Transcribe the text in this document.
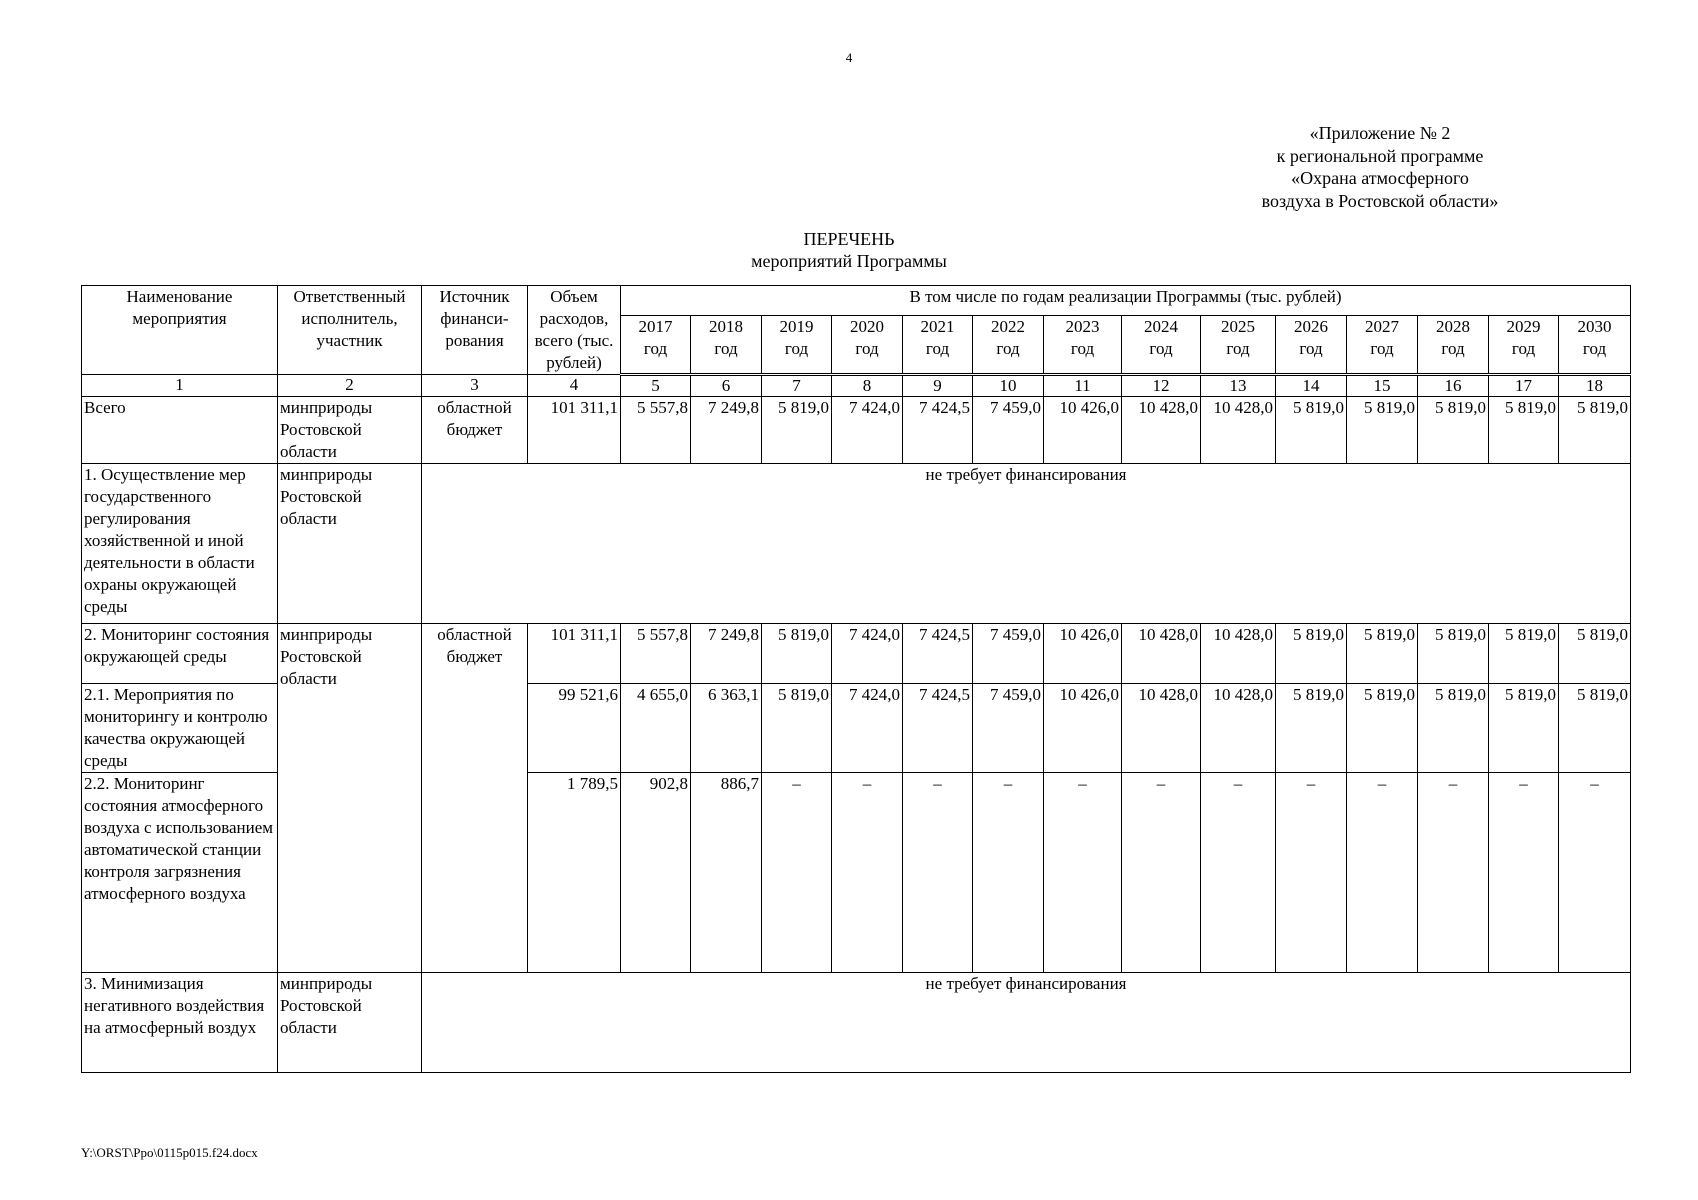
4
«Приложение № 2
к региональной программе
«Охрана атмосферного
воздуха в Ростовской области»
ПЕРЕЧЕНЬ
мероприятий Программы
Наименование мероприятия	Ответственный исполнитель, участник	Источник финанси-рования	Объем расходов, всего (тыс. рублей)	В том числе по годам реализации Программы (тыс. рублей)													
				2017 год	2018 год	2019 год	2020 год	2021 год	2022 год	2023 год	2024 год	2025 год	2026 год	2027 год	2028 год	2029 год	2030 год
1	2	3	4	5	6	7	8	9	10	11	12	13	14	15	16	17	18
Всего	минприроды Ростовской области	областной бюджет	101 311,1	5 557,8	7 249,8	5 819,0	7 424,0	7 424,5	7 459,0	10 426,0	10 428,0	10 428,0	5 819,0	5 819,0	5 819,0	5 819,0	5 819,0
1. Осуществление мер государственного регулирования хозяйственной и иной деятельности в области охраны окружающей среды	минприроды Ростовской области	не требует финансирования															
2. Мониторинг состояния окружающей среды	минприроды Ростовской области	областной бюджет	101 311,1	5 557,8	7 249,8	5 819,0	7 424,0	7 424,5	7 459,0	10 426,0	10 428,0	10 428,0	5 819,0	5 819,0	5 819,0	5 819,0	5 819,0
2.1. Мероприятия по мониторингу и контролю качества окружающей среды			99 521,6	4 655,0	6 363,1	5 819,0	7 424,0	7 424,5	7 459,0	10 426,0	10 428,0	10 428,0	5 819,0	5 819,0	5 819,0	5 819,0	5 819,0
2.2. Мониторинг состояния атмосферного воздуха с использованием автоматической станции контроля загрязнения атмосферного воздуха			1 789,5	902,8	886,7	–	–	–	–	–	–	–	–	–	–	–	–
3. Минимизация негативного воздействия на атмосферный воздух	минприроды Ростовской области	не требует финансирования															
Y:\ORST\Ppo\0115p015.f24.docx
